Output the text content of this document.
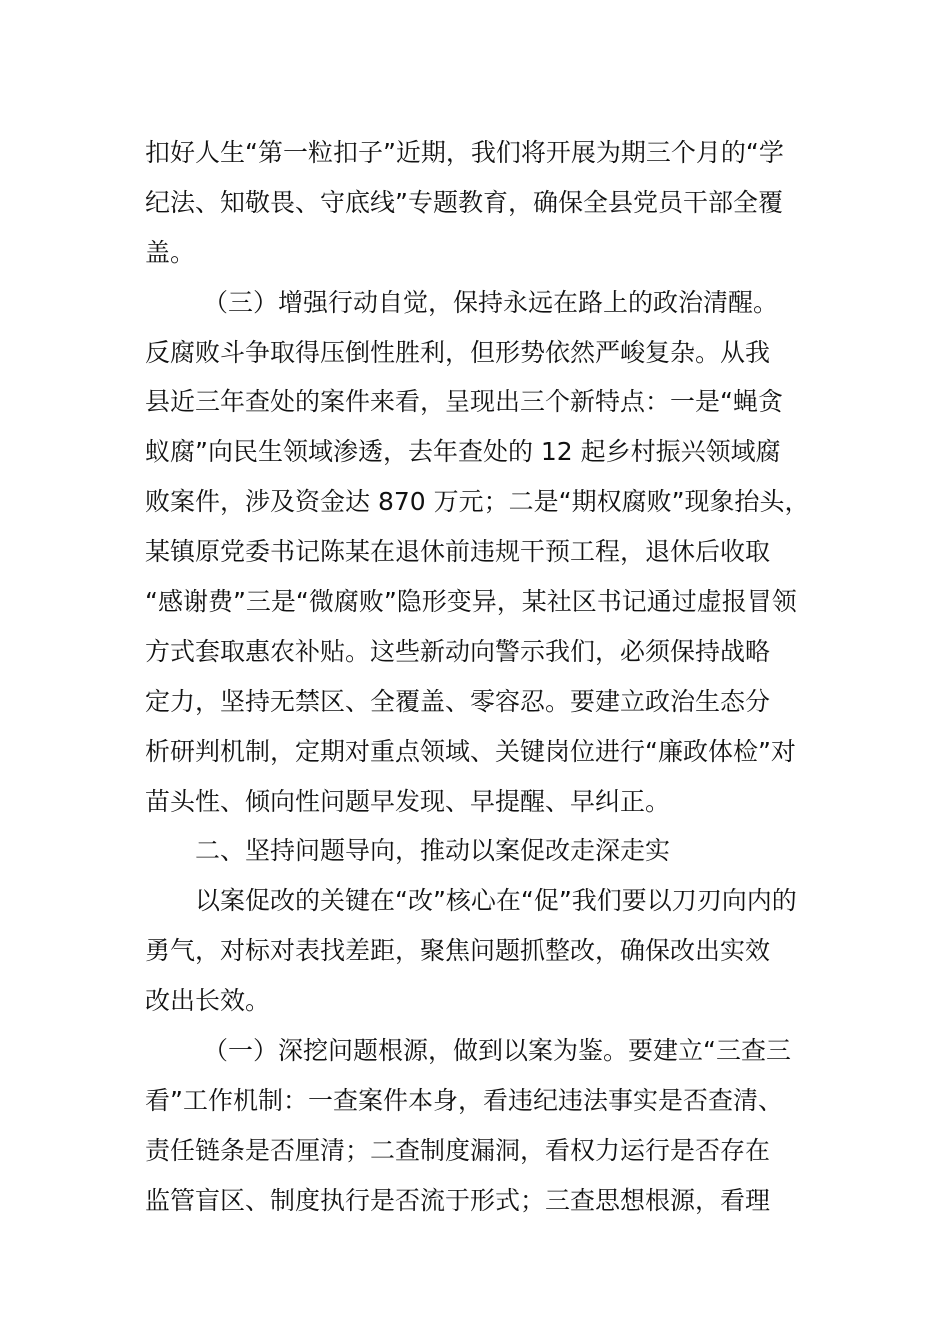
扣好人生“第一粒扣子”近期，我们将开展为期三个月的“学
纪法、知敬畏、守底线”专题教育，确保全县党员干部全覆
盖。
（三）增强行动自觉，保持永远在路上的政治清醒。
反腐败斗争取得压倒性胜利，但形势依然严峻复杂。从我
县近三年查处的案件来看，呈现出三个新特点：一是“蝇贪
蚁腐”向民生领域渗透，去年查处的 12 起乡村振兴领域腐
败案件，涉及资金达 870 万元；二是“期权腐败”现象抬头，
某镇原党委书记陈某在退休前违规干预工程，退休后收取
“感谢费”三是“微腐败”隐形变异，某社区书记通过虚报冒领
方式套取惠农补贴。这些新动向警示我们，必须保持战略
定力，坚持无禁区、全覆盖、零容忍。要建立政治生态分
析研判机制，定期对重点领域、关键岗位进行“廉政体检”对
苗头性、倾向性问题早发现、早提醒、早纠正。
二、坚持问题导向，推动以案促改走深走实
以案促改的关键在“改”核心在“促”我们要以刀刃向内的
勇气，对标对表找差距，聚焦问题抓整改，确保改出实效
改出长效。
（一）深挖问题根源，做到以案为鉴。要建立“三查三
看”工作机制：一查案件本身，看违纪违法事实是否查清、
责任链条是否厘清；二查制度漏洞，看权力运行是否存在
监管盲区、制度执行是否流于形式；三查思想根源，看理
